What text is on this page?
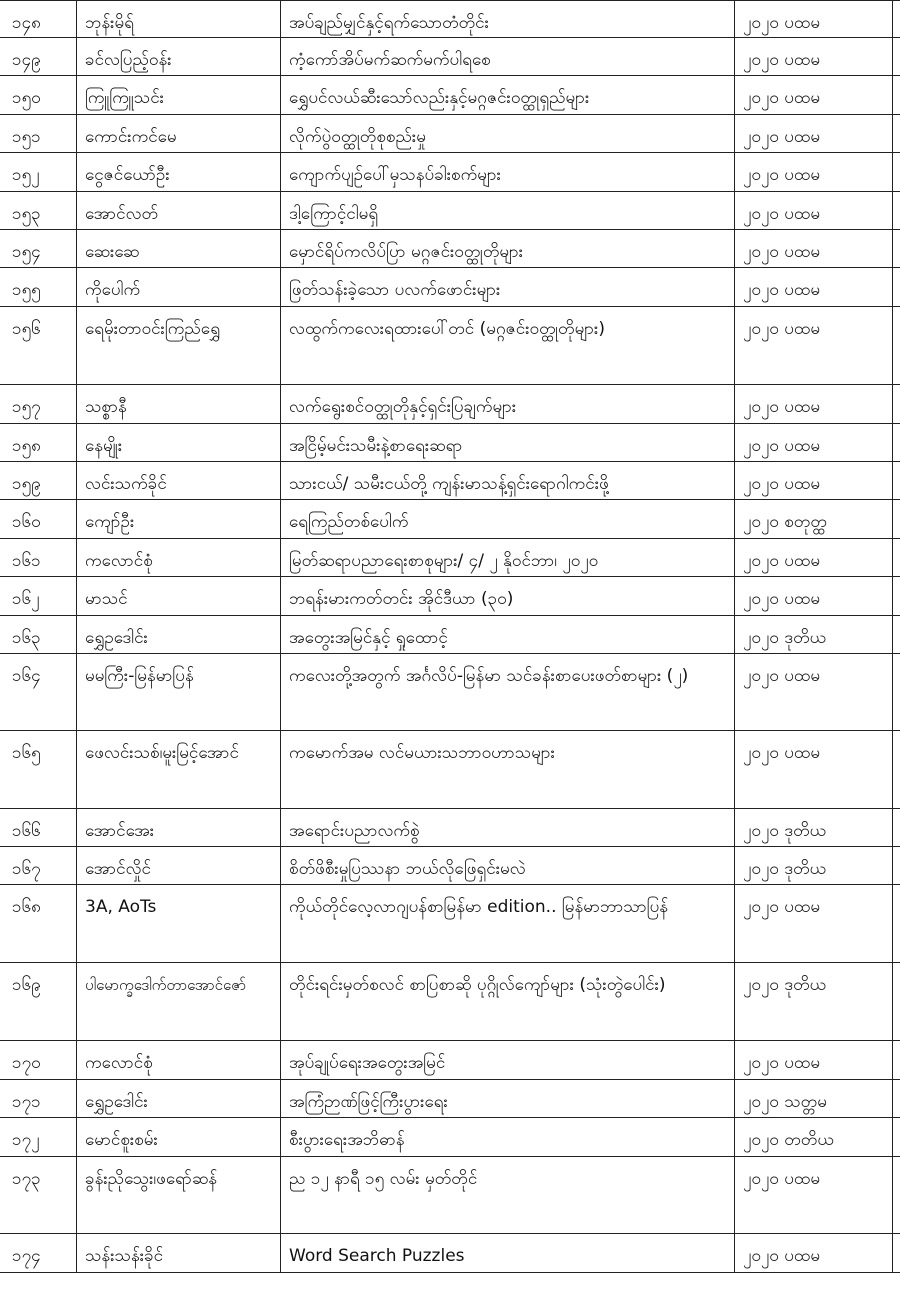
၁၄၈	ဘုန်းမိုရ်	အပ်ချည်မျှင်နှင့်ရက်သောတံတိုင်း	၂၀၂၀ ပထမ
၁၄၉	ခင်လပြည့်ဝန်း	ကံ့ကော်အိပ်မက်ဆက်မက်ပါရစေ	၂၀၂၀ ပထမ
၁၅၀	ကြူကြူသင်း	ရွှေပင်လယ်ဆီးသော်လည်းနှင့်မဂ္ဂဇင်းဝတ္ထုရှည်များ	၂၀၂၀ ပထမ
၁၅၁	ကောင်းကင်မေ	လိုက်ပွဲဝတ္ထုတိုစုစည်းမှု	၂၀၂၀ ပထမ
၁၅၂	ငွေဇင်ယော်ဦး	ကျောက်ပျဉ်ပေါ်မှသနပ်ခါးစက်များ	၂၀၂၀ ပထမ
၁၅၃	အောင်လတ်	ဒါ့ကြောင့်ငါမရှိ	၂၀၂၀ ပထမ
၁၅၄	ဆေးဆေ	မှောင်ရိပ်ကလိပ်ပြာ မဂ္ဂဇင်းဝတ္ထုတိုများ	၂၀၂၀ ပထမ
၁၅၅	ကိုပေါက်	ဖြတ်သန်းခဲ့သော ပလက်ဖောင်းများ	၂၀၂၀ ပထမ
၁၅၆	ရေမိုးတာဝင်းကြည်ရွှေ	လထွက်ကလေးရထားပေါ်တင် (မဂ္ဂဇင်းဝတ္ထုတိုများ)	၂၀၂၀ ပထမ
၁၅၇	သစ္စာနီ	လက်ရွေးစင်ဝတ္ထုတိုနှင့်ရှင်းပြချက်များ	၂၀၂၀ ပထမ
၁၅၈	နေမျိုး	အငြိမ့်မင်းသမီးနဲ့စာရေးဆရာ	၂၀၂၀ ပထမ
၁၅၉	လင်းသက်ခိုင်	သားငယ်/ သမီးငယ်တို့ ကျန်းမာသန့်ရှင်းရောဂါကင်းဖို့	၂၀၂၀ ပထမ
၁၆၀	ကျော်ဦး	ရေကြည်တစ်ပေါက်	၂၀၂၀ စတုတ္ထ
၁၆၁	ကလောင်စုံ	မြတ်ဆရာပညာရေးစာစုများ/ ၄/ ၂ နိုဝင်ဘာ၊ ၂၀၂၀	၂၀၂၀ ပထမ
၁၆၂	မာသင်	ဘရန်းမားကတ်တင်း အိုင်ဒီယာ (၃၀)	၂၀၂၀ ပထမ
၁၆၃	ရွှေဥဒေါင်း	အတွေးအမြင်နှင့် ရှုထောင့်	၂၀၂၀ ဒုတိယ
၁၆၄	မမကြီး-မြန်မာပြန်	ကလေးတို့အတွက် အင်္ဂလိပ်-မြန်မာ သင်ခန်းစာပေးဖတ်စာများ (၂)	၂၀၂၀ ပထမ
၁၆၅	ဖေလင်းသစ်၊မူးမြင့်အောင်	ကမောက်အမ လင်မယားသဘာဝဟာသများ	၂၀၂၀ ပထမ
၁၆၆	အောင်အေး	အရောင်းပညာလက်စွဲ	၂၀၂၀ ဒုတိယ
၁၆၇	အောင်လှိုင်	စိတ်ဖိစီးမှုပြဿနာ ဘယ်လိုဖြေရှင်းမလဲ	၂၀၂၀ ဒုတိယ
၁၆၈	3A, AoTs	ကိုယ်တိုင်လေ့လာဂျပန်စာမြန်မာ edition.. မြန်မာဘာသာပြန်	၂၀၂၀ ပထမ
၁၆၉	ပါမောက္ခဒေါက်တာအောင်ဇော်	တိုင်းရင်းမှတ်စလင် စာပြစာဆို ပုဂ္ဂိုလ်ကျော်များ (သုံးတွဲပေါင်း)	၂၀၂၀ ဒုတိယ
၁၇၀	ကလောင်စုံ	အုပ်ချုပ်ရေးအတွေးအမြင်	၂၀၂၀ ပထမ
၁၇၁	ရွှေဥဒေါင်း	အကြံဉာဏ်ဖြင့်ကြီးပွားရေး	၂၀၂၀ သတ္တမ
၁၇၂	မောင်စူးစမ်း	စီးပွားရေးအဘိဓာန်	၂၀၂၀ တတိယ
၁၇၃	ခွန်းညိုသွေး၊ဖရော်ဆန်	ည ၁၂ နာရီ ၁၅ လမ်း မှတ်တိုင်	၂၀၂၀ ပထမ
၁၇၄	သန်းသန်းခိုင်	Word Search Puzzles	၂၀၂၀ ပထမ
